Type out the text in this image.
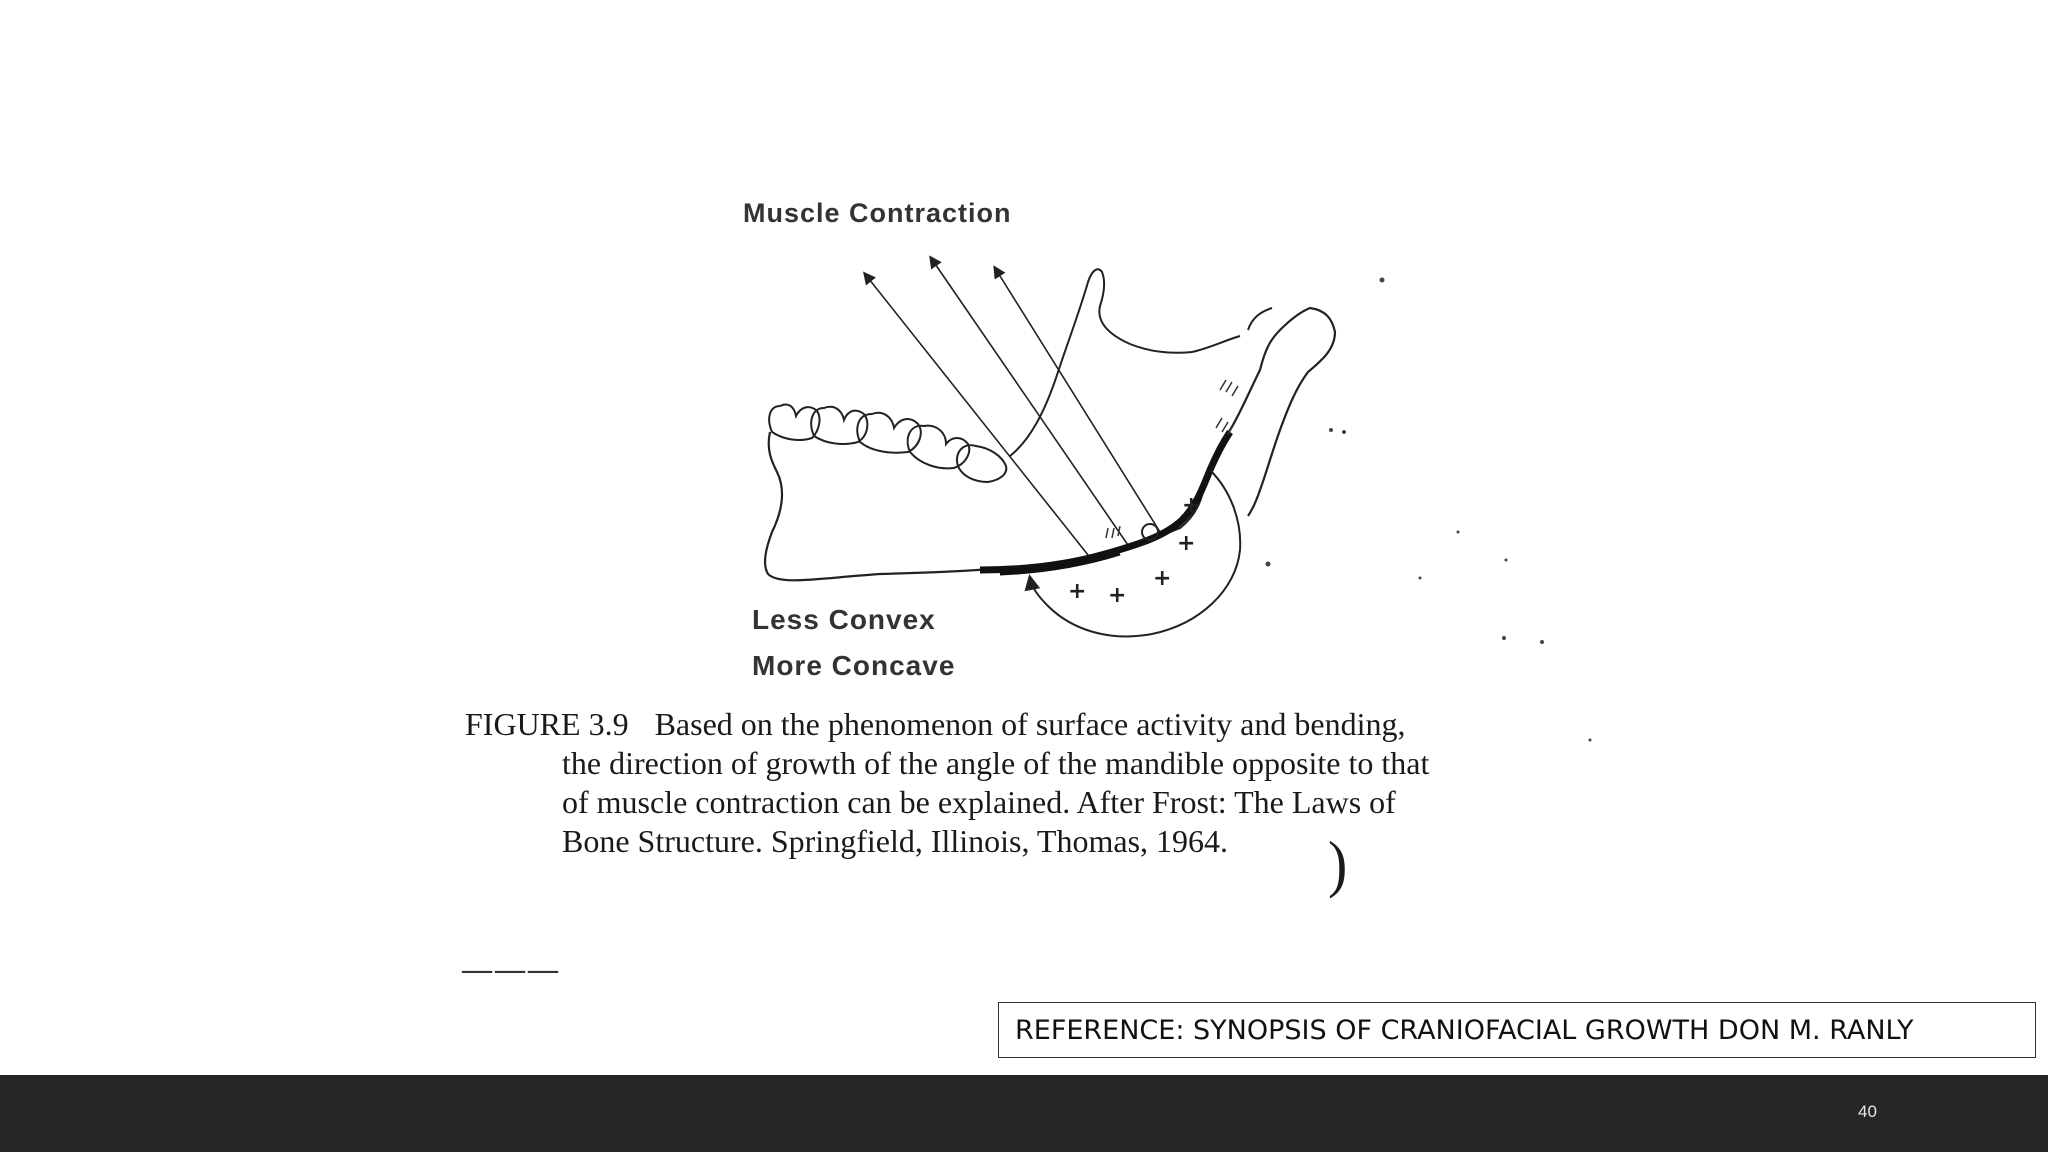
+
+
+
+
+
Muscle Contraction
Less Convex
More Concave
FIGURE 3.9 Based on the phenomenon of surface activity and bending,
the direction of growth of the angle of the mandible opposite to that
of muscle contraction can be explained. After Frost: The Laws of
Bone Structure. Springfield, Illinois, Thomas, 1964.	)
———
REFERENCE: SYNOPSIS OF CRANIOFACIAL GROWTH DON M. RANLY
40
